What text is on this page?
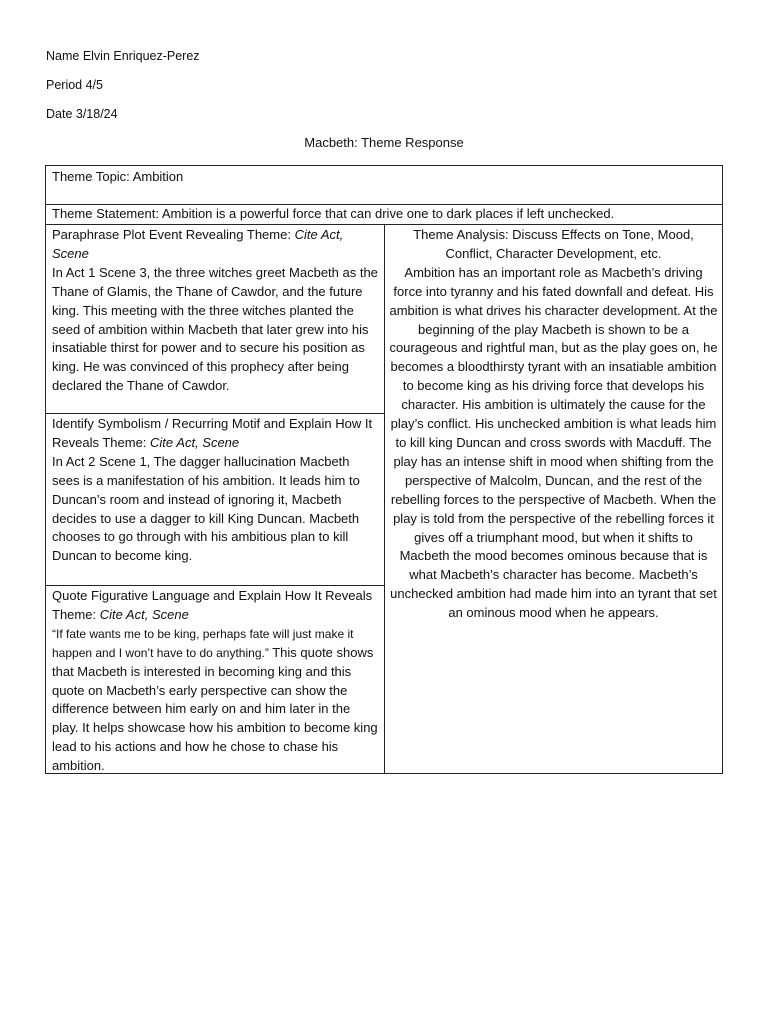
Name Elvin Enriquez-Perez
Period 4/5
Date 3/18/24
Macbeth: Theme Response
Theme Topic: Ambition
Theme Statement: Ambition is a powerful force that can drive one to dark places if left unchecked.

Paraphrase Plot Event Revealing Theme: Cite Act, Scene

In Act 1 Scene 3, the three witches greet Macbeth as the Thane of Glamis, the Thane of Cawdor, and the future king. This meeting with the three witches planted the seed of ambition within Macbeth that later grew into his insatiable thirst for power and to secure his position as king. He was convinced of this prophecy after being declared the Thane of Cawdor.

Identify Symbolism / Recurring Motif and Explain How It Reveals Theme: Cite Act, Scene

In Act 2 Scene 1, The dagger hallucination Macbeth sees is a manifestation of his ambition. It leads him to Duncan’s room and instead of ignoring it, Macbeth decides to use a dagger to kill King Duncan. Macbeth chooses to go through with his ambitious plan to kill Duncan to become king.

Quote Figurative Language and Explain How It Reveals Theme: Cite Act, Scene

“If fate wants me to be king, perhaps fate will just make it happen and I won’t have to do anything.” This quote shows that Macbeth is interested in becoming king and this quote on Macbeth’s early perspective can show the difference between him early on and him later in the play. It helps showcase how his ambition to become king lead to his actions and how he chose to chase his ambition.

Theme Analysis: Discuss Effects on Tone, Mood, Conflict, Character Development, etc.

Ambition has an important role as Macbeth’s driving force into tyranny and his fated downfall and defeat. His ambition is what drives his character development. At the beginning of the play Macbeth is shown to be a courageous and rightful man, but as the play goes on, he becomes a bloodthirsty tyrant with an insatiable ambition to become king as his driving force that develops his character. His ambition is ultimately the cause for the play’s conflict. His unchecked ambition is what leads him to kill king Duncan and cross swords with Macduff. The play has an intense shift in mood when shifting from the perspective of Malcolm, Duncan, and the rest of the rebelling forces to the perspective of Macbeth. When the play is told from the perspective of the rebelling forces it gives off a triumphant mood, but when it shifts to Macbeth the mood becomes ominous because that is what Macbeth’s character has become. Macbeth’s unchecked ambition had made him into an tyrant that set an ominous mood when he appears.
